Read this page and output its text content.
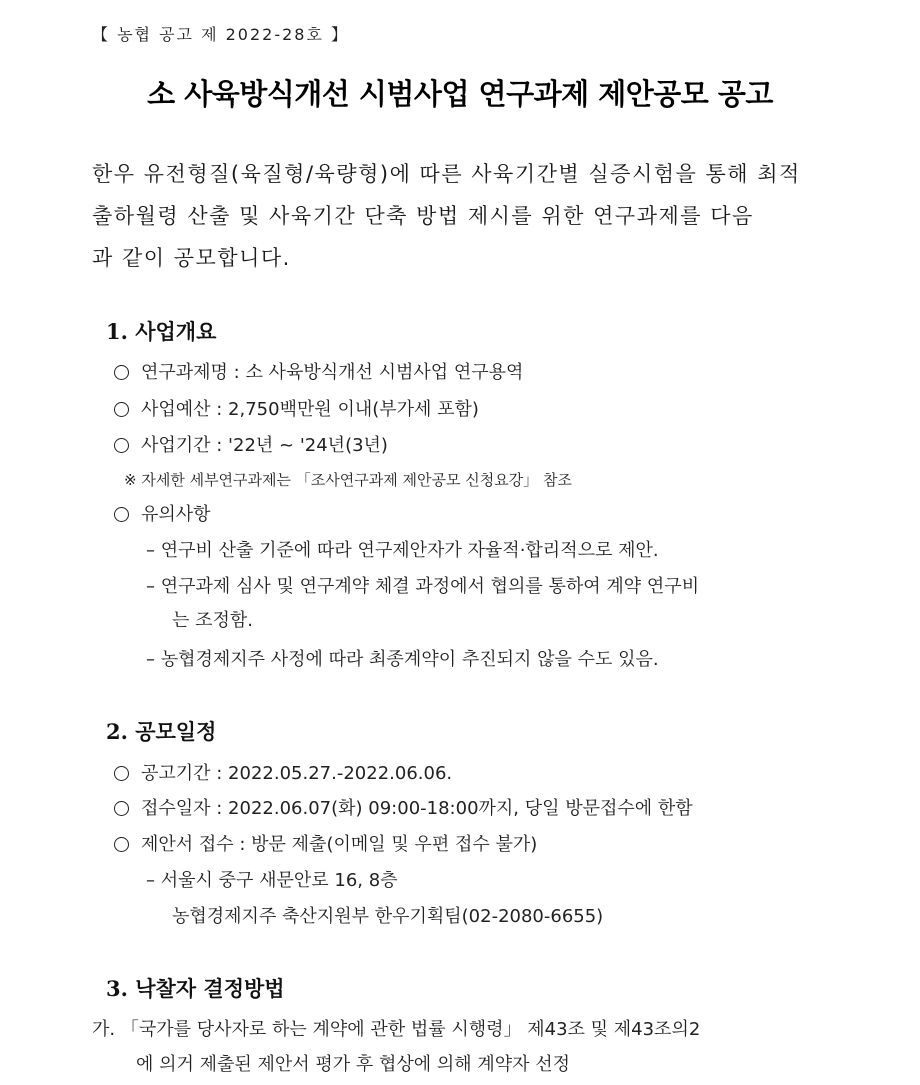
【 농협 공고 제 2022-28호 】
소 사육방식개선 시범사업 연구과제 제안공모 공고
한우 유전형질(육질형/육량형)에 따른 사육기간별 실증시험을 통해 최적
출하월령 산출 및 사육기간 단축 방법 제시를 위한 연구과제를 다음
과 같이 공모합니다.
1. 사업개요
연구과제명 : 소 사육방식개선 시범사업 연구용역
사업예산 : 2,750백만원 이내(부가세 포함)
사업기간 : '22년 ~ '24년(3년)
※ 자세한 세부연구과제는 「조사연구과제 제안공모 신청요강」 참조
유의사항
– 연구비 산출 기준에 따라 연구제안자가 자율적·합리적으로 제안.
– 연구과제 심사 및 연구계약 체결 과정에서 협의를 통하여 계약 연구비
는 조정함.
– 농협경제지주 사정에 따라 최종계약이 추진되지 않을 수도 있음.
2. 공모일정
공고기간 : 2022.05.27.-2022.06.06.
접수일자 : 2022.06.07(화) 09:00-18:00까지, 당일 방문접수에 한함
제안서 접수 : 방문 제출(이메일 및 우편 접수 불가)
– 서울시 중구 새문안로 16, 8층
농협경제지주 축산지원부 한우기획팀(02-2080-6655)
3. 낙찰자 결정방법
가. 「국가를 당사자로 하는 계약에 관한 법률 시행령」 제43조 및 제43조의2
에 의거 제출된 제안서 평가 후 협상에 의해 계약자 선정
